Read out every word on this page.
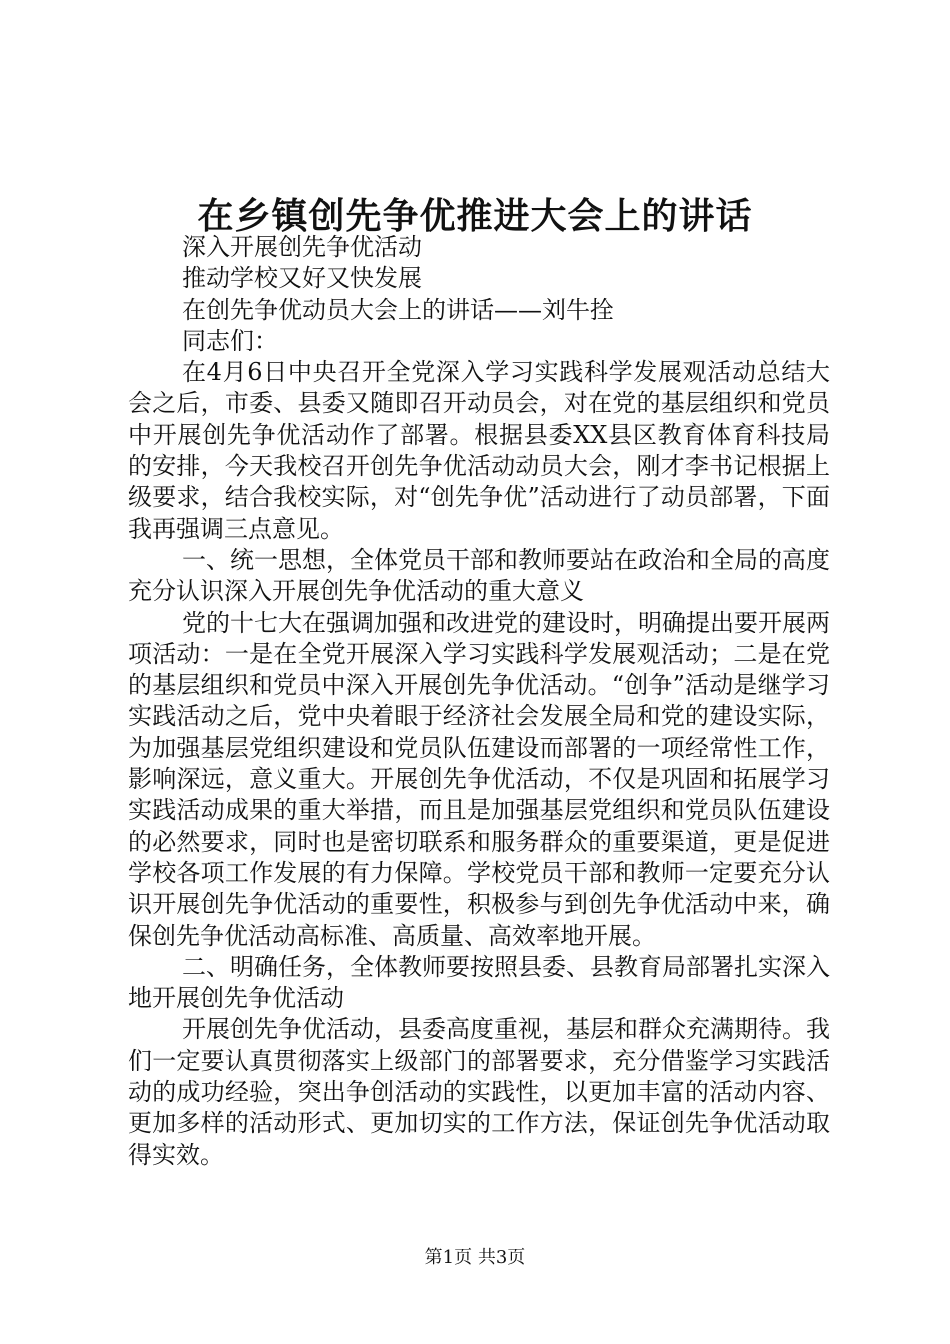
在乡镇创先争优推进大会上的讲话

深入开展创先争优活动

推动学校又好又快发展

在创先争优动员大会上的讲话——刘牛拴

同志们：

在4月6日中央召开全党深入学习实践科学发展观活动总结大会之后，市委、县委又随即召开动员会，对在党的基层组织和党员中开展创先争优活动作了部署。根据县委XX县区教育体育科技局的安排，今天我校召开创先争优活动动员大会，刚才李书记根据上级要求，结合我校实际，对“创先争优”活动进行了动员部署，下面我再强调三点意见。

一、统一思想，全体党员干部和教师要站在政治和全局的高度充分认识深入开展创先争优活动的重大意义

党的十七大在强调加强和改进党的建设时，明确提出要开展两项活动：一是在全党开展深入学习实践科学发展观活动；二是在党的基层组织和党员中深入开展创先争优活动。“创争”活动是继学习实践活动之后，党中央着眼于经济社会发展全局和党的建设实际，为加强基层党组织建设和党员队伍建设而部署的一项经常性工作，影响深远，意义重大。开展创先争优活动，不仅是巩固和拓展学习实践活动成果的重大举措，而且是加强基层党组织和党员队伍建设的必然要求，同时也是密切联系和服务群众的重要渠道，更是促进学校各项工作发展的有力保障。学校党员干部和教师一定要充分认识开展创先争优活动的重要性，积极参与到创先争优活动中来，确保创先争优活动高标准、高质量、高效率地开展。

二、明确任务，全体教师要按照县委、县教育局部署扎实深入地开展创先争优活动

开展创先争优活动，县委高度重视，基层和群众充满期待。我们一定要认真贯彻落实上级部门的部署要求，充分借鉴学习实践活动的成功经验，突出争创活动的实践性，以更加丰富的活动内容、更加多样的活动形式、更加切实的工作方法，保证创先争优活动取得实效。

第1页 共3页
